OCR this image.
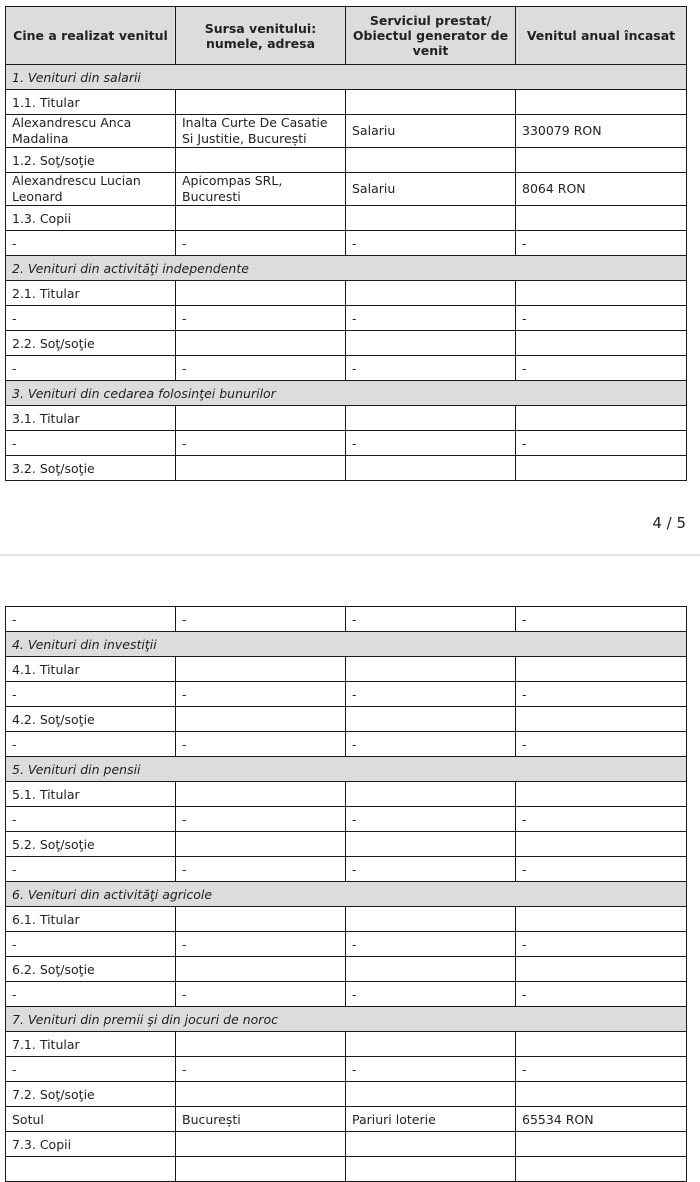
Cine a realizat venitul	Sursa venitului: numele, adresa	Serviciul prestat/ Obiectul generator de venit	Venitul anual încasat
1. Venituri din salarii			
1.1. Titular			
Alexandrescu Anca Madalina	Inalta Curte De Casatie Si Justitie, București	Salariu	330079 RON
1.2. Soţ/soţie			
Alexandrescu Lucian Leonard	Apicompas SRL, Bucuresti	Salariu	8064 RON
1.3. Copii			
-	-	-	-
2. Venituri din activităţi independente			
2.1. Titular			
-	-	-	-
2.2. Soţ/soţie			
-	-	-	-
3. Venituri din cedarea folosinţei bunurilor			
3.1. Titular			
-	-	-	-
3.2. Soţ/soţie			
4 / 5
-	-	-	-
4. Venituri din investiţii			
4.1. Titular			
-	-	-	-
4.2. Soţ/soţie			
-	-	-	-
5. Venituri din pensii			
5.1. Titular			
-	-	-	-
5.2. Soţ/soţie			
-	-	-	-
6. Venituri din activităţi agricole			
6.1. Titular			
-	-	-	-
6.2. Soţ/soţie			
-	-	-	-
7. Venituri din premii şi din jocuri de noroc			
7.1. Titular			
-	-	-	-
7.2. Soţ/soţie			
Sotul	București	Pariuri loterie	65534 RON
7.3. Copii			
